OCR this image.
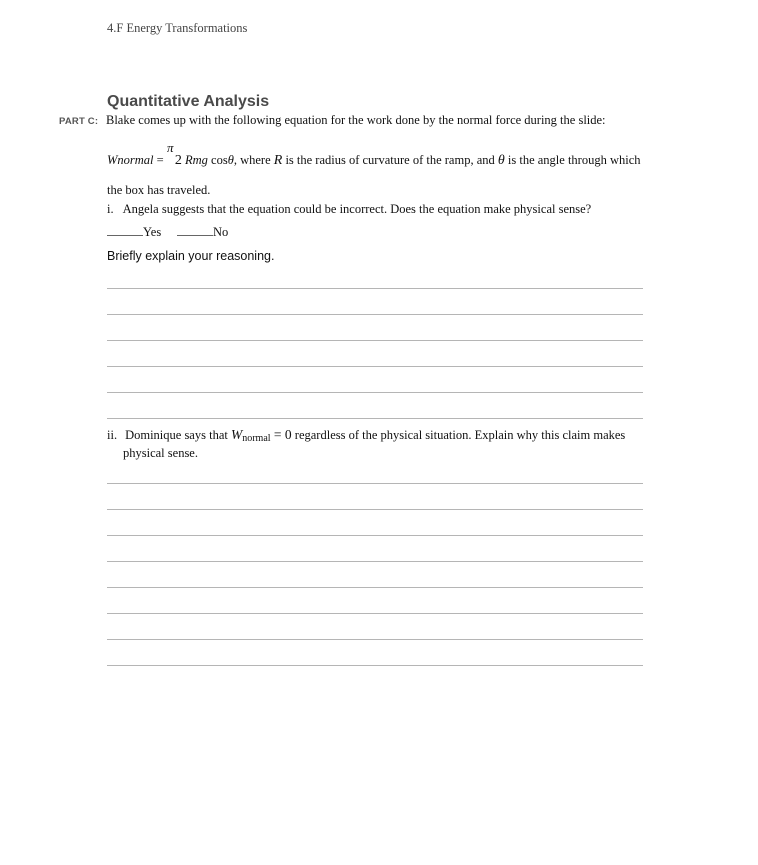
4.F Energy Transformations
Quantitative Analysis
PART C: Blake comes up with the following equation for the work done by the normal force during the slide:
π
Wnormal = 2 Rmg cosθ, where R is the radius of curvature of the ramp, and θ is the angle through which
the box has traveled.
i. Angela suggests that the equation could be incorrect. Does the equation make physical sense?
Yes	No
Briefly explain your reasoning.
ii. Dominique says that $W_{normal} = 0$ regardless of the physical situation. Explain why this claim makes
physical sense.
